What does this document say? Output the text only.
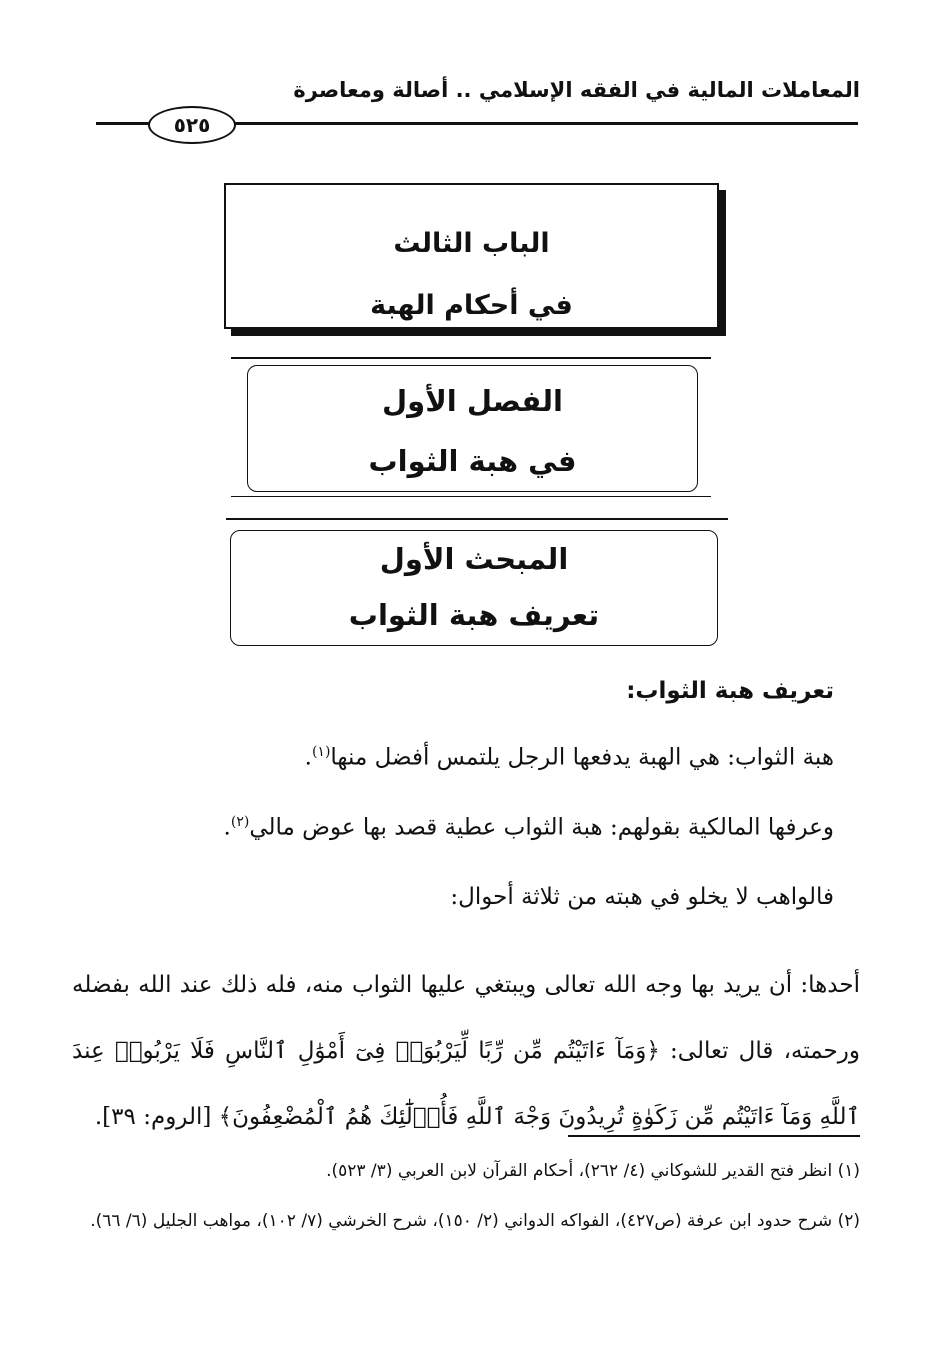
المعاملات المالية في الفقه الإسلامي .. أصالة ومعاصرة
٥٢٥
الباب الثالث
في أحكام الهبة
الفصل الأول
في هبة الثواب
المبحث الأول
تعريف هبة الثواب
تعريف هبة الثواب:
هبة الثواب: هي الهبة يدفعها الرجل يلتمس أفضل منها$^{(١)}$.
وعرفها المالكية بقولهم: هبة الثواب عطية قصد بها عوض مالي$^{(٢)}$.
فالواهب لا يخلو في هبته من ثلاثة أحوال:
أحدها: أن يريد بها وجه الله تعالى ويبتغي عليها الثواب منه، فله ذلك عند الله بفضله ورحمته، قال تعالى: ﴿وَمَآ ءَاتَيْتُم مِّن رِّبًا لِّيَرْبُوَا۟ فِىٓ أَمْوَٰلِ ٱلنَّاسِ فَلَا يَرْبُوا۟ عِندَ ٱللَّهِ وَمَآ ءَاتَيْتُم مِّن زَكَوٰةٍ تُرِيدُونَ وَجْهَ ٱللَّهِ فَأُو۟لَٰٓئِكَ هُمُ ٱلْمُضْعِفُونَ﴾ [الروم: ٣٩].
(١) انظر فتح القدير للشوكاني (٤/ ٢٦٢)، أحكام القرآن لابن العربي (٣/ ٥٢٣).
(٢) شرح حدود ابن عرفة (ص٤٢٧)، الفواكه الدواني (٢/ ١٥٠)، شرح الخرشي (٧/ ١٠٢)، مواهب الجليل (٦/ ٦٦).
